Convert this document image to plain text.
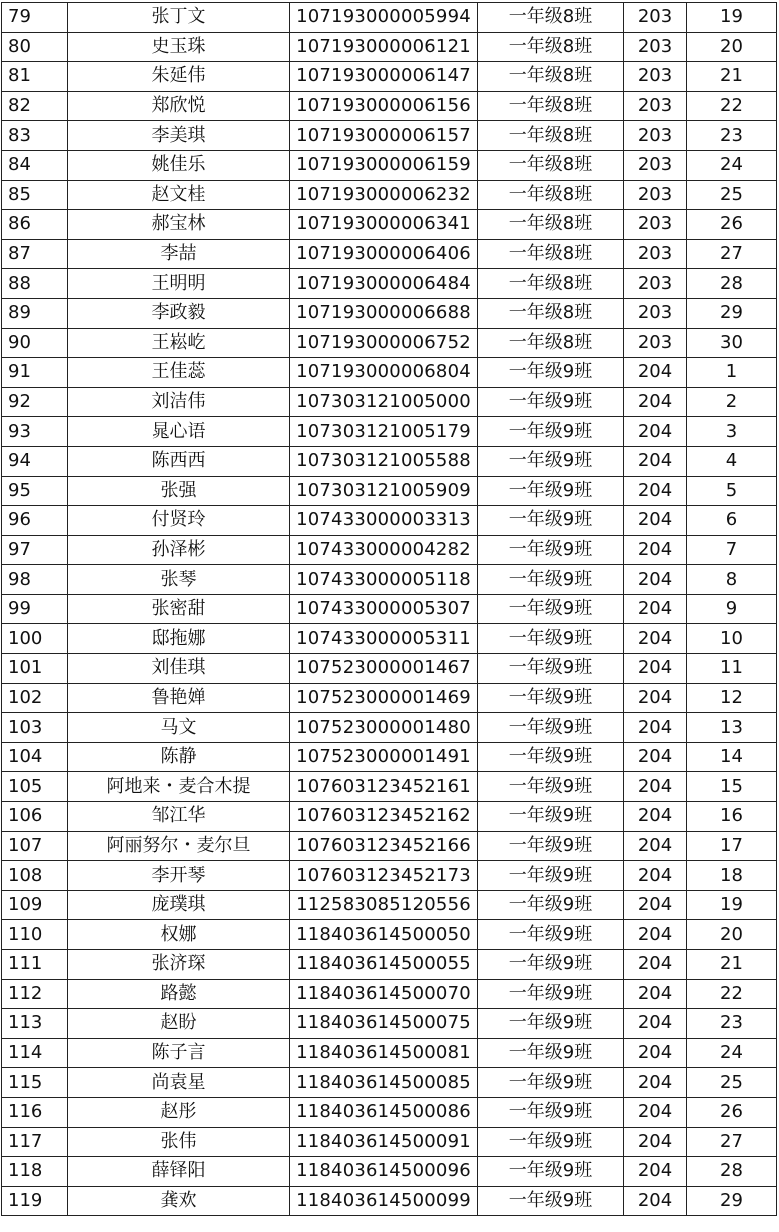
79	张丁文	107193000005994	一年级8班	203	19
80	史玉珠	107193000006121	一年级8班	203	20
81	朱延伟	107193000006147	一年级8班	203	21
82	郑欣悦	107193000006156	一年级8班	203	22
83	李美琪	107193000006157	一年级8班	203	23
84	姚佳乐	107193000006159	一年级8班	203	24
85	赵文桂	107193000006232	一年级8班	203	25
86	郝宝林	107193000006341	一年级8班	203	26
87	李喆	107193000006406	一年级8班	203	27
88	王明明	107193000006484	一年级8班	203	28
89	李政毅	107193000006688	一年级8班	203	29
90	王崧屹	107193000006752	一年级8班	203	30
91	王佳蕊	107193000006804	一年级9班	204	1
92	刘洁伟	107303121005000	一年级9班	204	2
93	晁心语	107303121005179	一年级9班	204	3
94	陈西西	107303121005588	一年级9班	204	4
95	张强	107303121005909	一年级9班	204	5
96	付贤玲	107433000003313	一年级9班	204	6
97	孙泽彬	107433000004282	一年级9班	204	7
98	张琴	107433000005118	一年级9班	204	8
99	张密甜	107433000005307	一年级9班	204	9
100	邸拖娜	107433000005311	一年级9班	204	10
101	刘佳琪	107523000001467	一年级9班	204	11
102	鲁艳婵	107523000001469	一年级9班	204	12
103	马文	107523000001480	一年级9班	204	13
104	陈静	107523000001491	一年级9班	204	14
105	阿地来・麦合木提	107603123452161	一年级9班	204	15
106	邹江华	107603123452162	一年级9班	204	16
107	阿丽努尔・麦尔旦	107603123452166	一年级9班	204	17
108	李开琴	107603123452173	一年级9班	204	18
109	庞璞琪	112583085120556	一年级9班	204	19
110	权娜	118403614500050	一年级9班	204	20
111	张济琛	118403614500055	一年级9班	204	21
112	路懿	118403614500070	一年级9班	204	22
113	赵盼	118403614500075	一年级9班	204	23
114	陈子言	118403614500081	一年级9班	204	24
115	尚袁星	118403614500085	一年级9班	204	25
116	赵彤	118403614500086	一年级9班	204	26
117	张伟	118403614500091	一年级9班	204	27
118	薛铎阳	118403614500096	一年级9班	204	28
119	龚欢	118403614500099	一年级9班	204	29
